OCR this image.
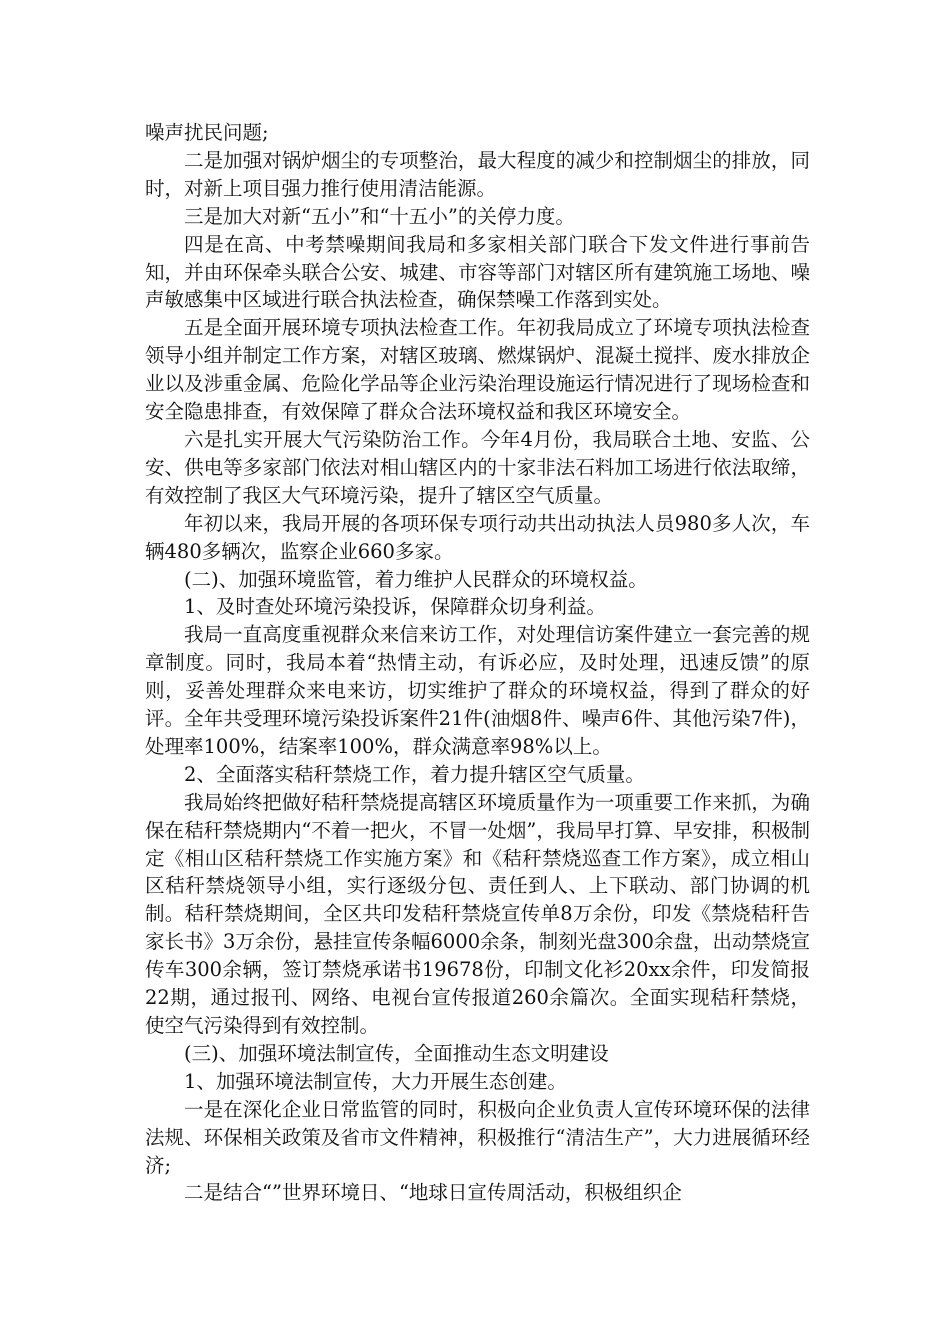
噪声扰民问题;

二是加强对锅炉烟尘的专项整治，最大程度的减少和控制烟尘的排放，同时，对新上项目强力推行使用清洁能源。

三是加大对新“五小”和“十五小”的关停力度。

四是在高、中考禁噪期间我局和多家相关部门联合下发文件进行事前告知，并由环保牵头联合公安、城建、市容等部门对辖区所有建筑施工场地、噪声敏感集中区域进行联合执法检查，确保禁噪工作落到实处。

五是全面开展环境专项执法检查工作。年初我局成立了环境专项执法检查领导小组并制定工作方案，对辖区玻璃、燃煤锅炉、混凝土搅拌、废水排放企业以及涉重金属、危险化学品等企业污染治理设施运行情况进行了现场检查和安全隐患排查，有效保障了群众合法环境权益和我区环境安全。

六是扎实开展大气污染防治工作。今年4月份，我局联合土地、安监、公安、供电等多家部门依法对相山辖区内的十家非法石料加工场进行依法取缔，有效控制了我区大气环境污染，提升了辖区空气质量。

年初以来，我局开展的各项环保专项行动共出动执法人员980多人次，车辆480多辆次，监察企业660多家。

(二)、加强环境监管，着力维护人民群众的环境权益。

1、及时查处环境污染投诉，保障群众切身利益。

我局一直高度重视群众来信来访工作，对处理信访案件建立一套完善的规章制度。同时，我局本着“热情主动，有诉必应，及时处理，迅速反馈”的原则，妥善处理群众来电来访，切实维护了群众的环境权益，得到了群众的好评。全年共受理环境污染投诉案件21件(油烟8件、噪声6件、其他污染7件)，处理率100%，结案率100%，群众满意率98%以上。

2、全面落实秸秆禁烧工作，着力提升辖区空气质量。

我局始终把做好秸秆禁烧提高辖区环境质量作为一项重要工作来抓，为确保在秸秆禁烧期内“不着一把火，不冒一处烟”，我局早打算、早安排，积极制定《相山区秸秆禁烧工作实施方案》和《秸秆禁烧巡查工作方案》，成立相山区秸秆禁烧领导小组，实行逐级分包、责任到人、上下联动、部门协调的机制。秸秆禁烧期间，全区共印发秸秆禁烧宣传单8万余份，印发《禁烧秸秆告家长书》3万余份，悬挂宣传条幅6000余条，制刻光盘300余盘，出动禁烧宣传车300余辆，签订禁烧承诺书19678份，印制文化衫20xx余件，印发简报22期，通过报刊、网络、电视台宣传报道260余篇次。全面实现秸秆禁烧，使空气污染得到有效控制。

(三)、加强环境法制宣传，全面推动生态文明建设

1、加强环境法制宣传，大力开展生态创建。

一是在深化企业日常监管的同时，积极向企业负责人宣传环境环保的法律法规、环保相关政策及省市文件精神，积极推行“清洁生产”，大力进展循环经济;

二是结合“”世界环境日、“地球日宣传周活动，积极组织企
